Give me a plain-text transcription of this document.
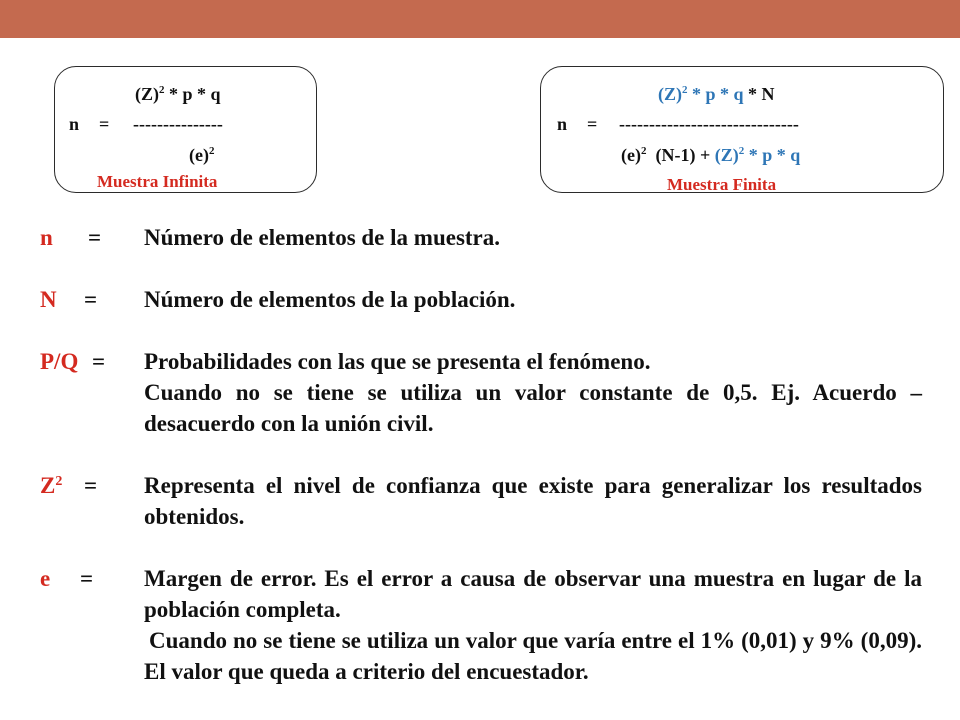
$(Z)^2$ * p * q
n = ---------------
$(e)^2$
Muestra Infinita
$(Z)^2$ * p * q * N
n = ------------------------------
$(e)^2$  $(N-1) + (Z)^2 * p * q$
Muestra Finita
n = Número de elementos de la muestra.
N = Número de elementos de la población.
P/Q = Probabilidades con las que se presenta el fenómeno.
Cuando no se tiene se utiliza un valor constante de 0,5. Ej. Acuerdo – desacuerdo con la unión civil.
$Z^2$ = Representa el nivel de confianza que existe para generalizar los resultados obtenidos.
e = Margen de error. Es el error a causa de observar una muestra en lugar de la población completa.
Cuando no se tiene se utiliza un valor que varía entre el 1% (0,01) y 9% (0,09). El valor que queda a criterio del encuestador.
